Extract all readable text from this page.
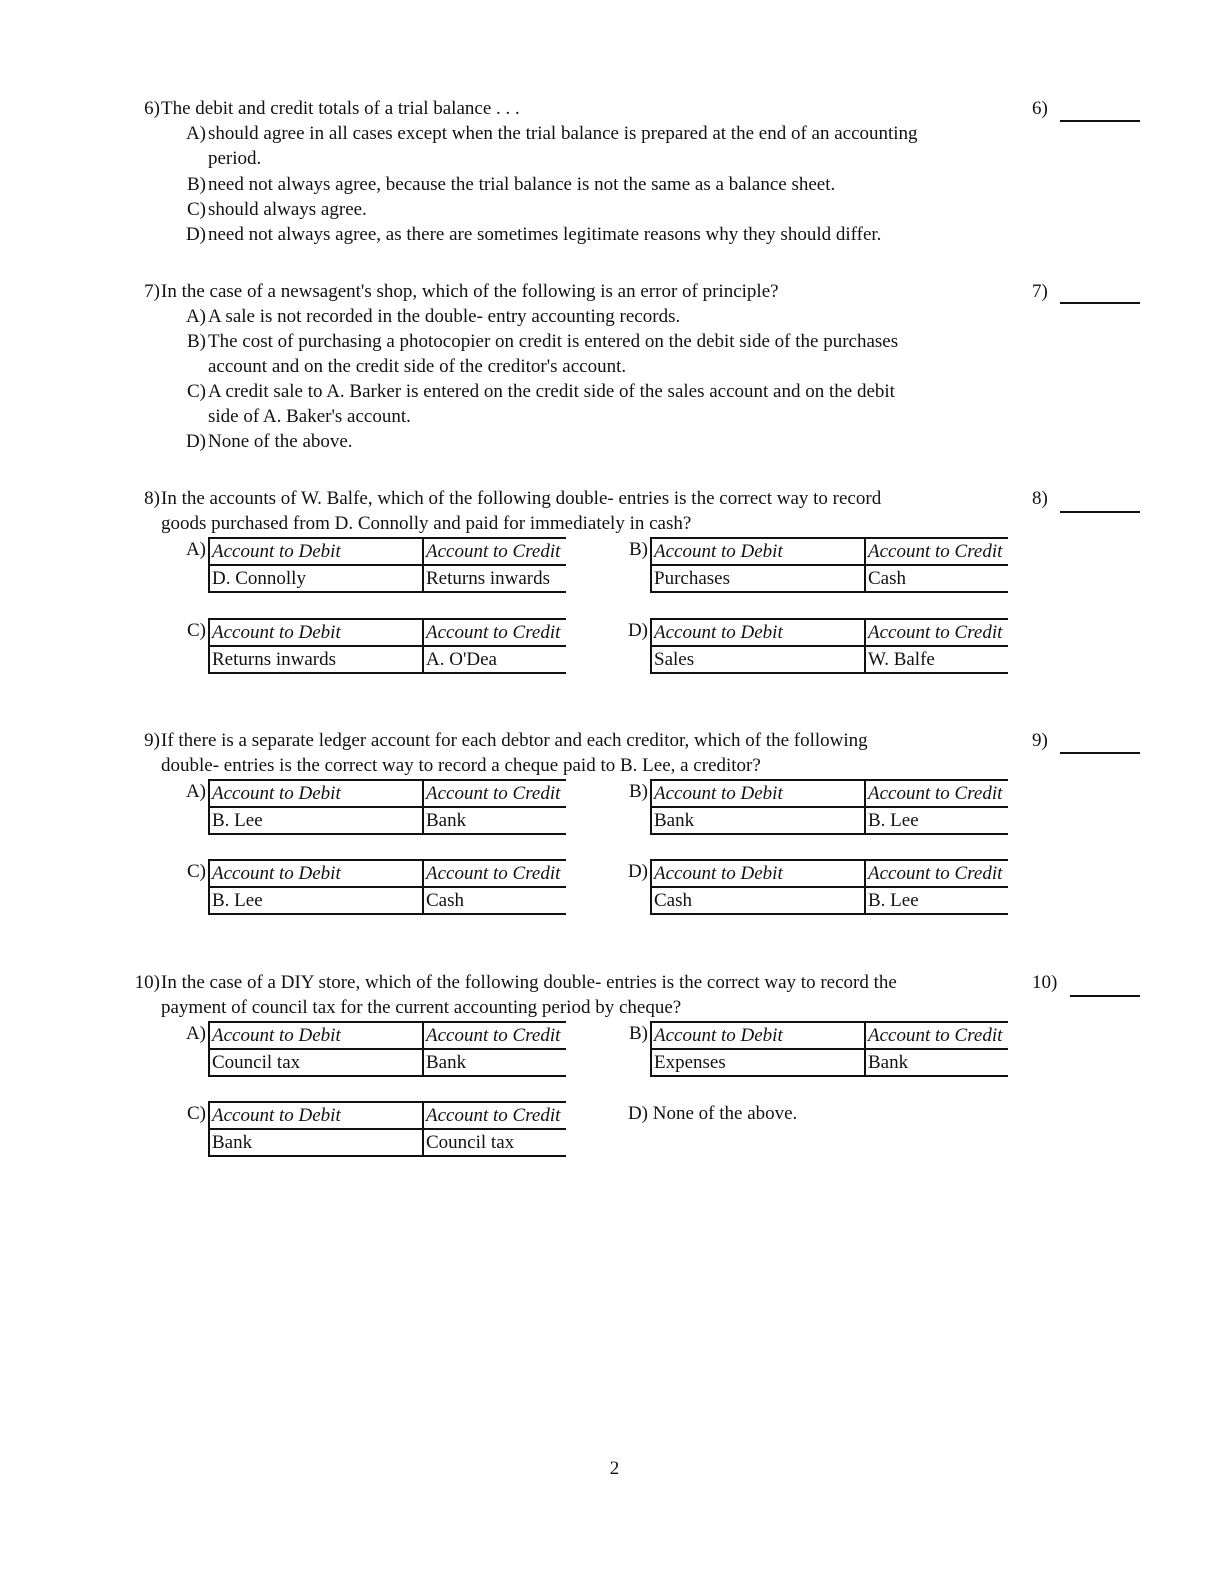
6) The debit and credit totals of a trial balance . . .	6)
A) should agree in all cases except when the trial balance is prepared at the end of an accounting
period.
B) need not always agree, because the trial balance is not the same as a balance sheet.
C) should always agree.
D) need not always agree, as there are sometimes legitimate reasons why they should differ.
7) In the case of a newsagent's shop, which of the following is an error of principle?	7)
A) A sale is not recorded in the double- entry accounting records.
B) The cost of purchasing a photocopier on credit is entered on the debit side of the purchases
account and on the credit side of the creditor's account.
C) A credit sale to A. Barker is entered on the credit side of the sales account and on the debit
side of A. Baker's account.
D) None of the above.
8) In the accounts of W. Balfe, which of the following double- entries is the correct way to record
goods purchased from D. Connolly and paid for immediately in cash?
8)
A) Account to Debit	Account to Credit
D. Connolly	Returns inwards
B) Account to Debit	Account to Credit
Purchases	Cash
C) Account to Debit	Account to Credit
Returns inwards	A. O'Dea
D) Account to Debit	Account to Credit
Sales	W. Balfe
9) If there is a separate ledger account for each debtor and each creditor, which of the following
double- entries is the correct way to record a cheque paid to B. Lee, a creditor?
9)
A) Account to Debit	Account to Credit
B. Lee	Bank
B) Account to Debit	Account to Credit
Bank	B. Lee
C) Account to Debit	Account to Credit
B. Lee	Cash
D) Account to Debit	Account to Credit
Cash	B. Lee
10) In the case of a DIY store, which of the following double- entries is the correct way to record the
payment of council tax for the current accounting period by cheque?
10)
A) Account to Debit	Account to Credit
Council tax	Bank
B) Account to Debit	Account to Credit
Expenses	Bank
C) Account to Debit	Account to Credit
Bank	Council tax
D) None of the above.
2
